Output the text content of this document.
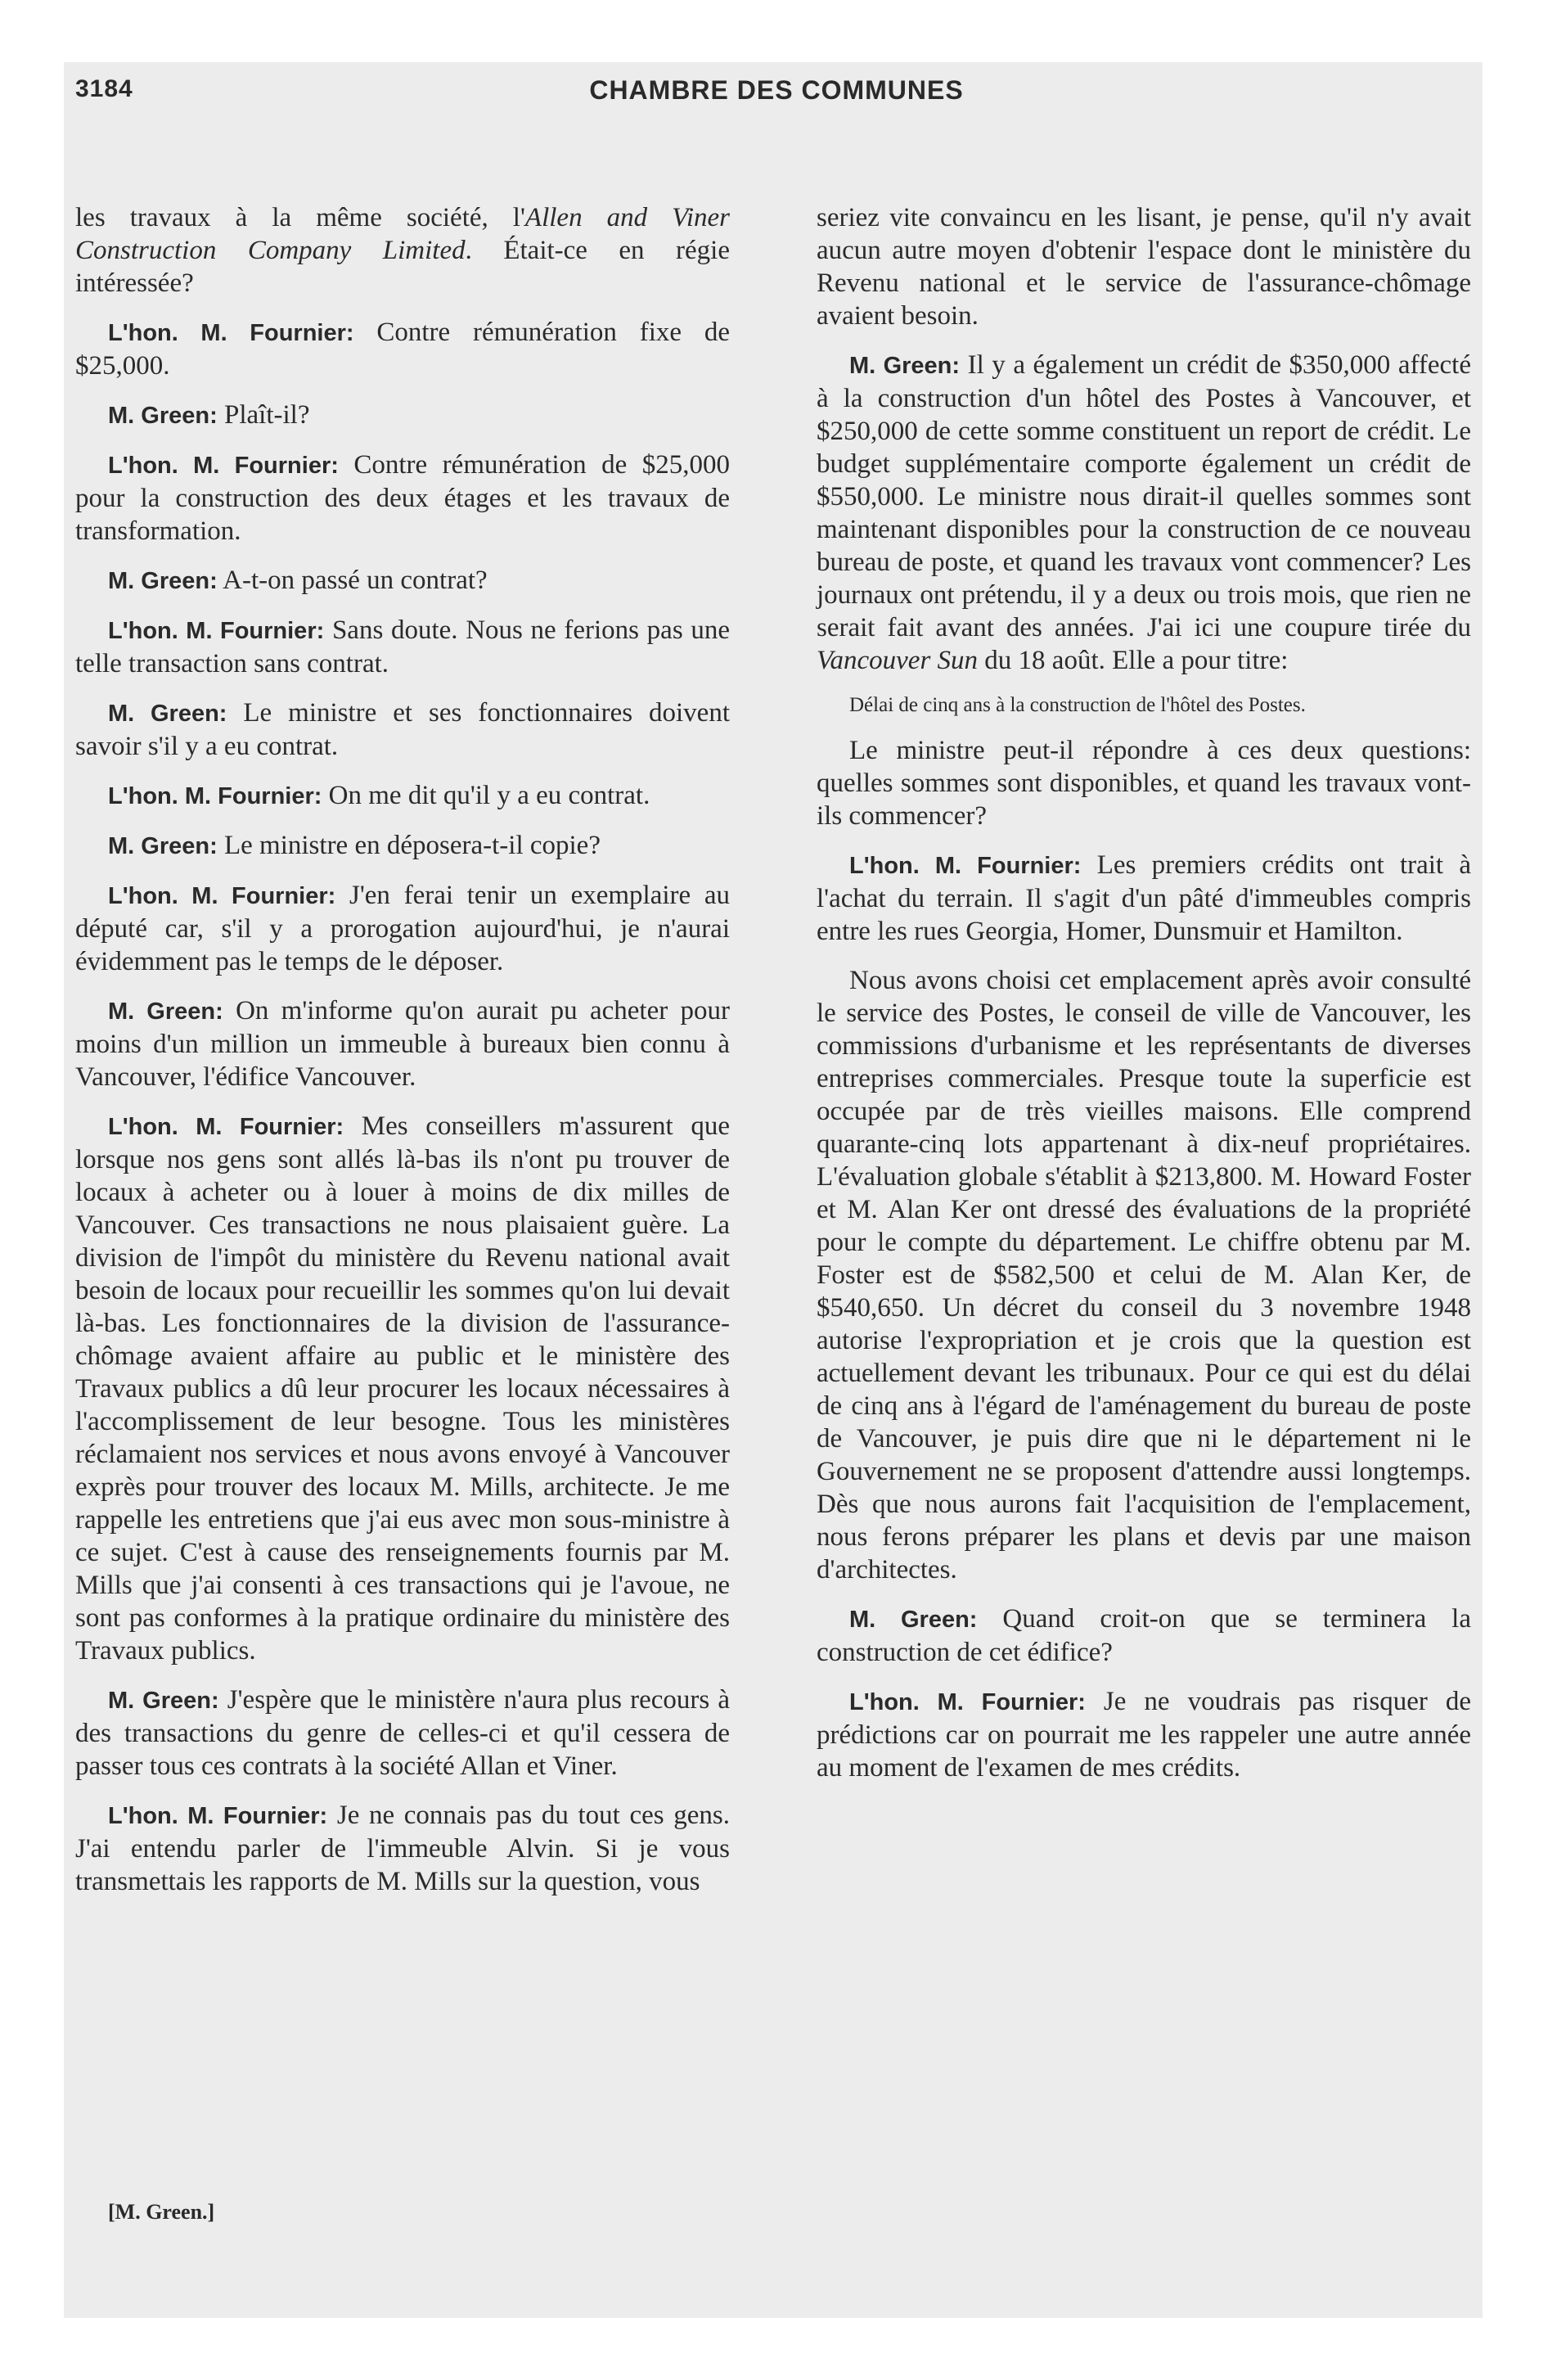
CHAMBRE DES COMMUNES
3184

les travaux à la même société, l'Allen and Viner Construction Company Limited. Était-ce en régie intéressée?

L'hon. M. Fournier: Contre rémunération fixe de $25,000.

M. Green: Plaît-il?

L'hon. M. Fournier: Contre rémunération de $25,000 pour la construction des deux étages et les travaux de transformation.

M. Green: A-t-on passé un contrat?

L'hon. M. Fournier: Sans doute. Nous ne ferions pas une telle transaction sans contrat.

M. Green: Le ministre et ses fonctionnaires doivent savoir s'il y a eu contrat.

L'hon. M. Fournier: On me dit qu'il y a eu contrat.

M. Green: Le ministre en déposera-t-il copie?

L'hon. M. Fournier: J'en ferai tenir un exemplaire au député car, s'il y a prorogation aujourd'hui, je n'aurai évidemment pas le temps de le déposer.

M. Green: On m'informe qu'on aurait pu acheter pour moins d'un million un immeuble à bureaux bien connu à Vancouver, l'édifice Vancouver.

L'hon. M. Fournier: Mes conseillers m'assurent que lorsque nos gens sont allés là-bas ils n'ont pu trouver de locaux à acheter ou à louer à moins de dix milles de Vancouver. Ces transactions ne nous plaisaient guère. La division de l'impôt du ministère du Revenu national avait besoin de locaux pour recueillir les sommes qu'on lui devait là-bas. Les fonctionnaires de la division de l'assurance-chômage avaient affaire au public et le ministère des Travaux publics a dû leur procurer les locaux nécessaires à l'accomplissement de leur besogne. Tous les ministères réclamaient nos services et nous avons envoyé à Vancouver exprès pour trouver des locaux M. Mills, architecte. Je me rappelle les entretiens que j'ai eus avec mon sous-ministre à ce sujet. C'est à cause des renseignements fournis par M. Mills que j'ai consenti à ces transactions qui je l'avoue, ne sont pas conformes à la pratique ordinaire du ministère des Travaux publics.

M. Green: J'espère que le ministère n'aura plus recours à des transactions du genre de celles-ci et qu'il cessera de passer tous ces contrats à la société Allan et Viner.

L'hon. M. Fournier: Je ne connais pas du tout ces gens. J'ai entendu parler de l'immeuble Alvin. Si je vous transmettais les rapports de M. Mills sur la question, vous

seriez vite convaincu en les lisant, je pense, qu'il n'y avait aucun autre moyen d'obtenir l'espace dont le ministère du Revenu national et le service de l'assurance-chômage avaient besoin.

M. Green: Il y a également un crédit de $350,000 affecté à la construction d'un hôtel des Postes à Vancouver, et $250,000 de cette somme constituent un report de crédit. Le budget supplémentaire comporte également un crédit de $550,000. Le ministre nous dirait-il quelles sommes sont maintenant disponibles pour la construction de ce nouveau bureau de poste, et quand les travaux vont commencer? Les journaux ont prétendu, il y a deux ou trois mois, que rien ne serait fait avant des années. J'ai ici une coupure tirée du Vancouver Sun du 18 août. Elle a pour titre:

Délai de cinq ans à la construction de l'hôtel des Postes.

Le ministre peut-il répondre à ces deux questions: quelles sommes sont disponibles, et quand les travaux vont-ils commencer?

L'hon. M. Fournier: Les premiers crédits ont trait à l'achat du terrain. Il s'agit d'un pâté d'immeubles compris entre les rues Georgia, Homer, Dunsmuir et Hamilton.

Nous avons choisi cet emplacement après avoir consulté le service des Postes, le conseil de ville de Vancouver, les commissions d'urbanisme et les représentants de diverses entreprises commerciales. Presque toute la superficie est occupée par de très vieilles maisons. Elle comprend quarante-cinq lots appartenant à dix-neuf propriétaires. L'évaluation globale s'établit à $213,800. M. Howard Foster et M. Alan Ker ont dressé des évaluations de la propriété pour le compte du département. Le chiffre obtenu par M. Foster est de $582,500 et celui de M. Alan Ker, de $540,650. Un décret du conseil du 3 novembre 1948 autorise l'expropriation et je crois que la question est actuellement devant les tribunaux. Pour ce qui est du délai de cinq ans à l'égard de l'aménagement du bureau de poste de Vancouver, je puis dire que ni le département ni le Gouvernement ne se proposent d'attendre aussi longtemps. Dès que nous aurons fait l'acquisition de l'emplacement, nous ferons préparer les plans et devis par une maison d'architectes.

M. Green: Quand croit-on que se terminera la construction de cet édifice?

L'hon. M. Fournier: Je ne voudrais pas risquer de prédictions car on pourrait me les rappeler une autre année au moment de l'examen de mes crédits.

[M. Green.]
